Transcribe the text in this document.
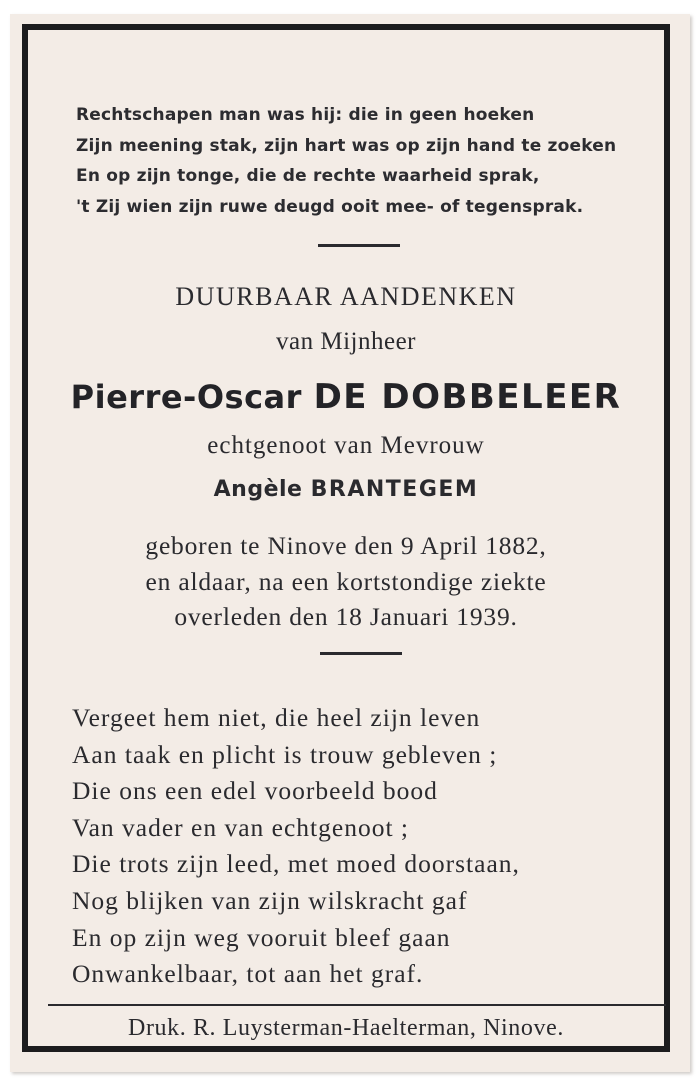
Rechtschapen man was hij: die in geen hoeken
Zijn meening stak, zijn hart was op zijn hand te zoeken
En op zijn tonge, die de rechte waarheid sprak,
't Zij wien zijn ruwe deugd ooit mee- of tegensprak.

DUURBAAR AANDENKEN

van Mijnheer

Pierre-Oscar DE DOBBELEER

echtgenoot van Mevrouw

Angèle BRANTEGEM

geboren te Ninove den 9 April 1882,
en aldaar, na een kortstondige ziekte
overleden den 18 Januari 1939.
Vergeet hem niet, die heel zijn leven
Aan taak en plicht is trouw gebleven ;
Die ons een edel voorbeeld bood
Van vader en van echtgenoot ;
Die trots zijn leed, met moed doorstaan,
Nog blijken van zijn wilskracht gaf
En op zijn weg vooruit bleef gaan
Onwankelbaar, tot aan het graf.

Druk. R. Luysterman-Haelterman, Ninove.
